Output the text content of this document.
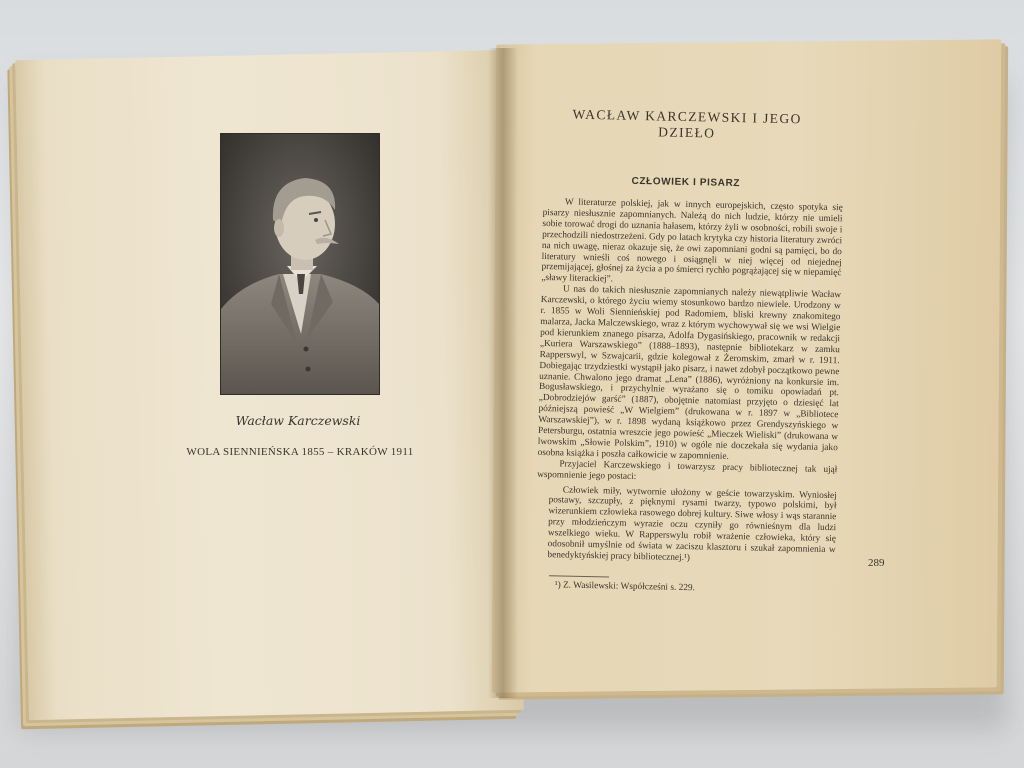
Wacław Karczewski
WOLA SIENNIEŃSKA 1855 – KRAKÓW 1911
WACŁAW KARCZEWSKI I JEGO DZIEŁO
CZŁOWIEK I PISARZ

W literaturze polskiej, jak w innych europejskich, często spotyka się pisarzy niesłusznie zapomnianych. Należą do nich ludzie, którzy nie umieli sobie torować drogi do uznania hałasem, którzy żyli w osobności, robili swoje i przechodzili niedostrzeżeni. Gdy po latach krytyka czy historia literatury zwróci na nich uwagę, nieraz okazuje się, że owi zapomniani godni są pamięci, bo do literatury wnieśli coś nowego i osiągnęli w niej więcej od niejednej przemijającej, głośnej za życia a po śmierci rychło pogrążającej się w niepamięć „sławy literackiej”.

U nas do takich niesłusznie zapomnianych należy niewątpliwie Wacław Karczewski, o którego życiu wiemy stosunkowo bardzo niewiele. Urodzony w r. 1855 w Woli Siennieńskiej pod Radomiem, bliski krewny znakomitego malarza, Jacka Malczewskiego, wraz z którym wychowywał się we wsi Wielgie pod kierunkiem znanego pisarza, Adolfa Dygasińskiego, pracownik w redakcji „Kuriera Warszawskiego” (1888–1893), następnie bibliotekarz w zamku Rapperswyl, w Szwajcarii, gdzie kolegował z Żeromskim, zmarł w r. 1911. Dobiegając trzydziestki wystąpił jako pisarz, i nawet zdobył początkowo pewne uznanie. Chwalono jego dramat „Lena” (1886), wyróżniony na konkursie im. Bogusławskiego, i przychylnie wyrażano się o tomiku opowiadań pt. „Dobrodziejów garść” (1887), obojętnie natomiast przyjęto o dziesięć lat późniejszą powieść „W Wielgiem” (drukowana w r. 1897 w „Bibliotece Warszawskiej”), w r. 1898 wydaną książkowo przez Grendyszyńskiego w Petersburgu, ostatnia wreszcie jego powieść „Mieczek Wieliski” (drukowana w lwowskim „Słowie Polskim”, 1910) w ogóle nie doczekała się wydania jako osobna książka i poszła całkowicie w zapomnienie.

Przyjaciel Karczewskiego i towarzysz pracy bibliotecznej tak ujął wspomnienie jego postaci:

Człowiek miły, wytwornie ułożony w geście towarzyskim. Wyniosłej postawy, szczupły, z pięknymi rysami twarzy, typowo polskimi, był wizerunkiem człowieka rasowego dobrej kultury. Siwe włosy i wąs starannie przy młodzieńczym wyrazie oczu czyniły go równieśnym dla ludzi wszelkiego wieku. W Rapperswylu robił wrażenie człowieka, który się odosobnił umyślnie od świata w zaciszu klasztoru i szukał zapomnienia w benedyktyńskiej pracy bibliotecznej.¹)
¹) Z. Wasilewski: Współcześni s. 229.
289
